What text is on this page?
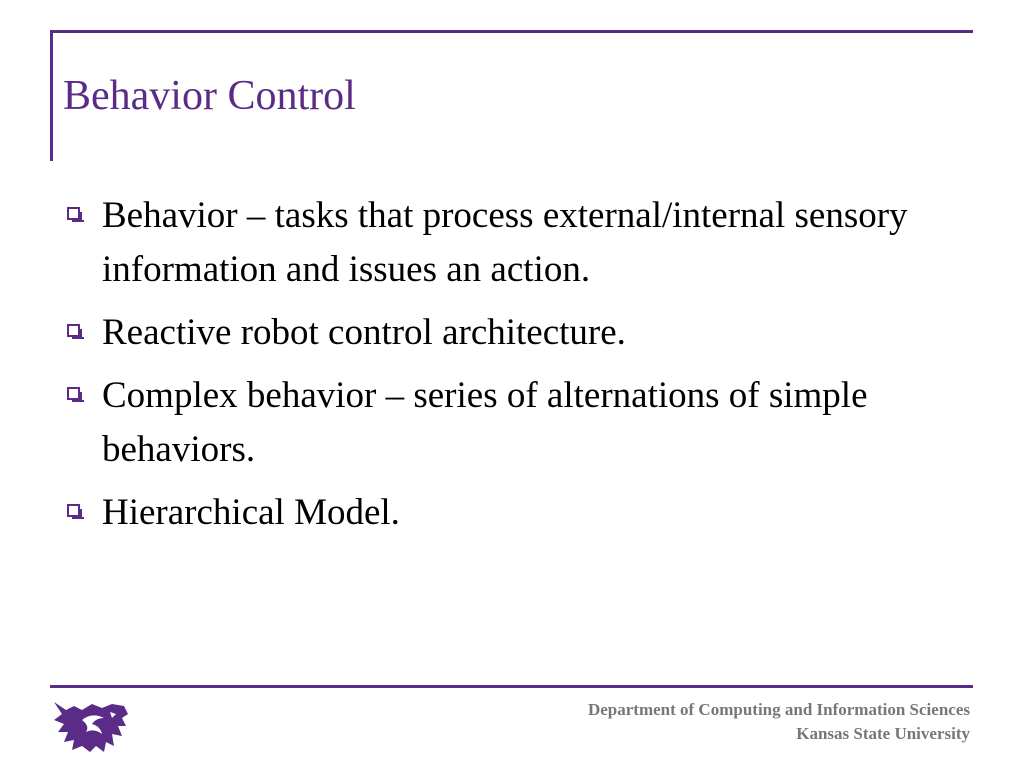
Behavior Control
Behavior – tasks that process external/internal sensory information and issues an action.
Reactive robot control architecture.
Complex behavior – series of alternations of simple behaviors.
Hierarchical Model.
Department of Computing and Information Sciences
Kansas State University
